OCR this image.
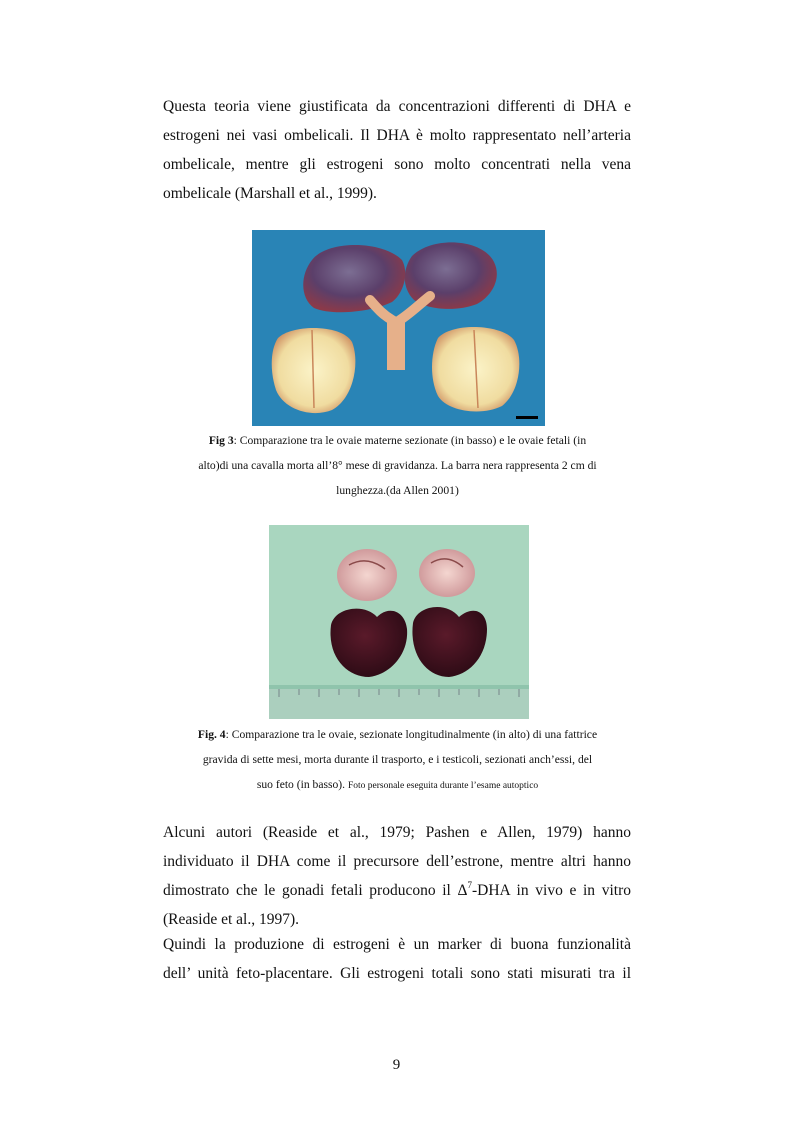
Questa teoria viene giustificata da concentrazioni differenti di DHA e
estrogeni nei vasi ombelicali. Il DHA è molto rappresentato nell’arteria
ombelicale, mentre gli estrogeni sono molto concentrati nella vena
ombelicale (Marshall et al., 1999).
Fig 3: Comparazione tra le ovaie materne sezionate (in basso) e le ovaie fetali (in
alto)di una cavalla morta all’8° mese di gravidanza. La barra nera rappresenta 2 cm di
lunghezza.(da Allen 2001)
Fig. 4: Comparazione tra le ovaie, sezionate longitudinalmente (in alto) di una fattrice
gravida di sette mesi, morta durante il trasporto, e i testicoli, sezionati anch’essi, del
suo feto (in basso). Foto personale eseguita durante l’esame autoptico
Alcuni autori (Reaside et al., 1979; Pashen e Allen, 1979) hanno
individuato il DHA come il precursore dell’estrone, mentre altri hanno
dimostrato che le gonadi fetali producono il $\Delta^7$-DHA in vivo e in vitro
(Reaside et al., 1997).
Quindi la produzione di estrogeni è un marker di buona funzionalità
dell’ unità feto-placentare. Gli estrogeni totali sono stati misurati tra il
9
